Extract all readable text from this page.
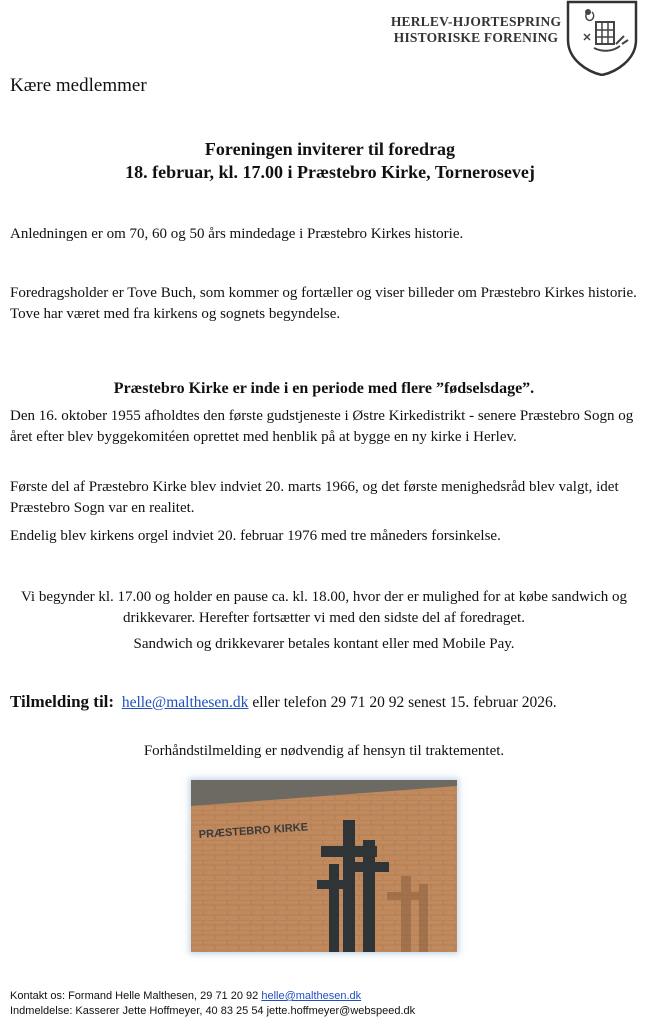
HERLEV-HJORTESPRING
HISTORISKE FORENING
Kære medlemmer
Foreningen inviterer til foredrag
18. februar, kl. 17.00 i Præstebro Kirke, Tornerosevej

Anledningen er om 70, 60 og 50 års mindedage i Præstebro Kirkes historie.

Foredragsholder er Tove Buch, som kommer og fortæller og viser billeder om Præstebro Kirkes historie. Tove har været med fra kirkens og sognets begyndelse.

Præstebro Kirke er inde i en periode med flere ”fødselsdage”.

Den 16. oktober 1955 afholdtes den første gudstjeneste i Østre Kirkedistrikt - senere Præstebro Sogn og året efter blev byggekomitéen oprettet med henblik på at bygge en ny kirke i Herlev.

Første del af Præstebro Kirke blev indviet 20. marts 1966, og det første menighedsråd blev valgt, idet Præstebro Sogn var en realitet.

Endelig blev kirkens orgel indviet 20. februar 1976 med tre måneders forsinkelse.

Vi begynder kl. 17.00 og holder en pause ca. kl. 18.00, hvor der er mulighed for at købe sandwich og drikkevarer. Herefter fortsætter vi med den sidste del af foredraget.

Sandwich og drikkevarer betales kontant eller med Mobile Pay.

Tilmelding til: helle@malthesen.dk eller telefon 29 71 20 92 senest 15. februar 2026.

Forhåndstilmelding er nødvendig af hensyn til traktementet.

PRÆSTEBRO KIRKE
Kontakt os: Formand Helle Malthesen, 29 71 20 92 helle@malthesen.dk
Indmeldelse: Kasserer Jette Hoffmeyer, 40 83 25 54 jette.hoffmeyer@webspeed.dk
